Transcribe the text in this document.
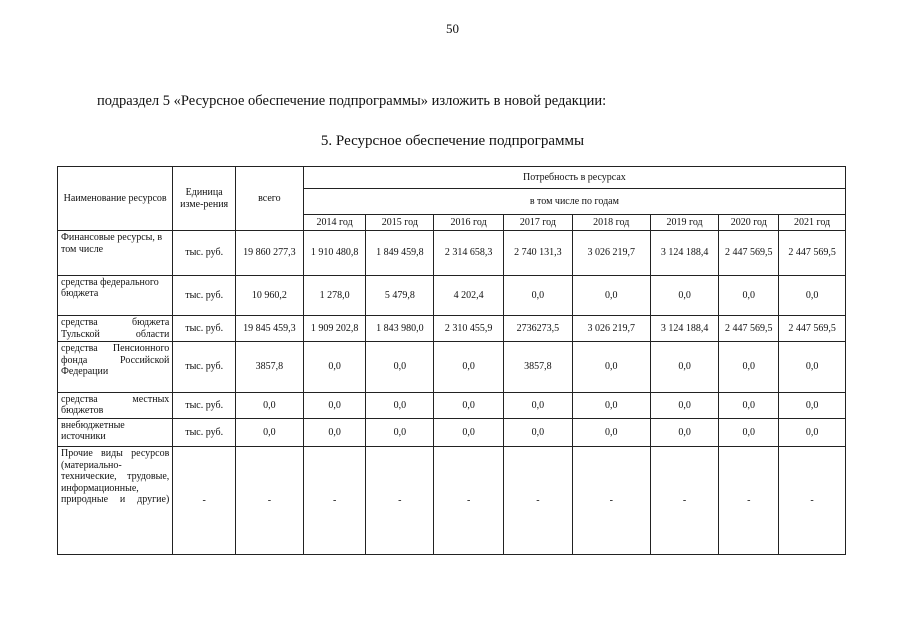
50
подраздел 5 «Ресурсное обеспечение подпрограммы» изложить в новой редакции:
5. Ресурсное обеспечение подпрограммы
Наименование ресурсов	Единица изме-рения	всего	Потребность в ресурсах							
			в том числе по годам							
			2014 год	2015 год	2016 год	2017 год	2018 год	2019 год	2020 год	2021 год
Финансовые ресурсы, в том числе	тыс. руб.	19 860 277,3	1 910 480,8	1 849 459,8	2 314 658,3	2 740 131,3	3 026 219,7	3 124 188,4	2 447 569,5	2 447 569,5
средства федерального бюджета	тыс. руб.	10 960,2	1 278,0	5 479,8	4 202,4	0,0	0,0	0,0	0,0	0,0
средства бюджета Тульской области	тыс. руб.	19 845 459,3	1 909 202,8	1 843 980,0	2 310 455,9	2736273,5	3 026 219,7	3 124 188,4	2 447 569,5	2 447 569,5
средства Пенсионного фонда Российской Федерации	тыс. руб.	3857,8	0,0	0,0	0,0	3857,8	0,0	0,0	0,0	0,0
средства местных бюджетов	тыс. руб.	0,0	0,0	0,0	0,0	0,0	0,0	0,0	0,0	0,0
внебюджетные источники	тыс. руб.	0,0	0,0	0,0	0,0	0,0	0,0	0,0	0,0	0,0
Прочие виды ресурсов (материально-технические, трудовые, информационные, природные и другие)	-	-	-	-	-	-	-	-	-	-
